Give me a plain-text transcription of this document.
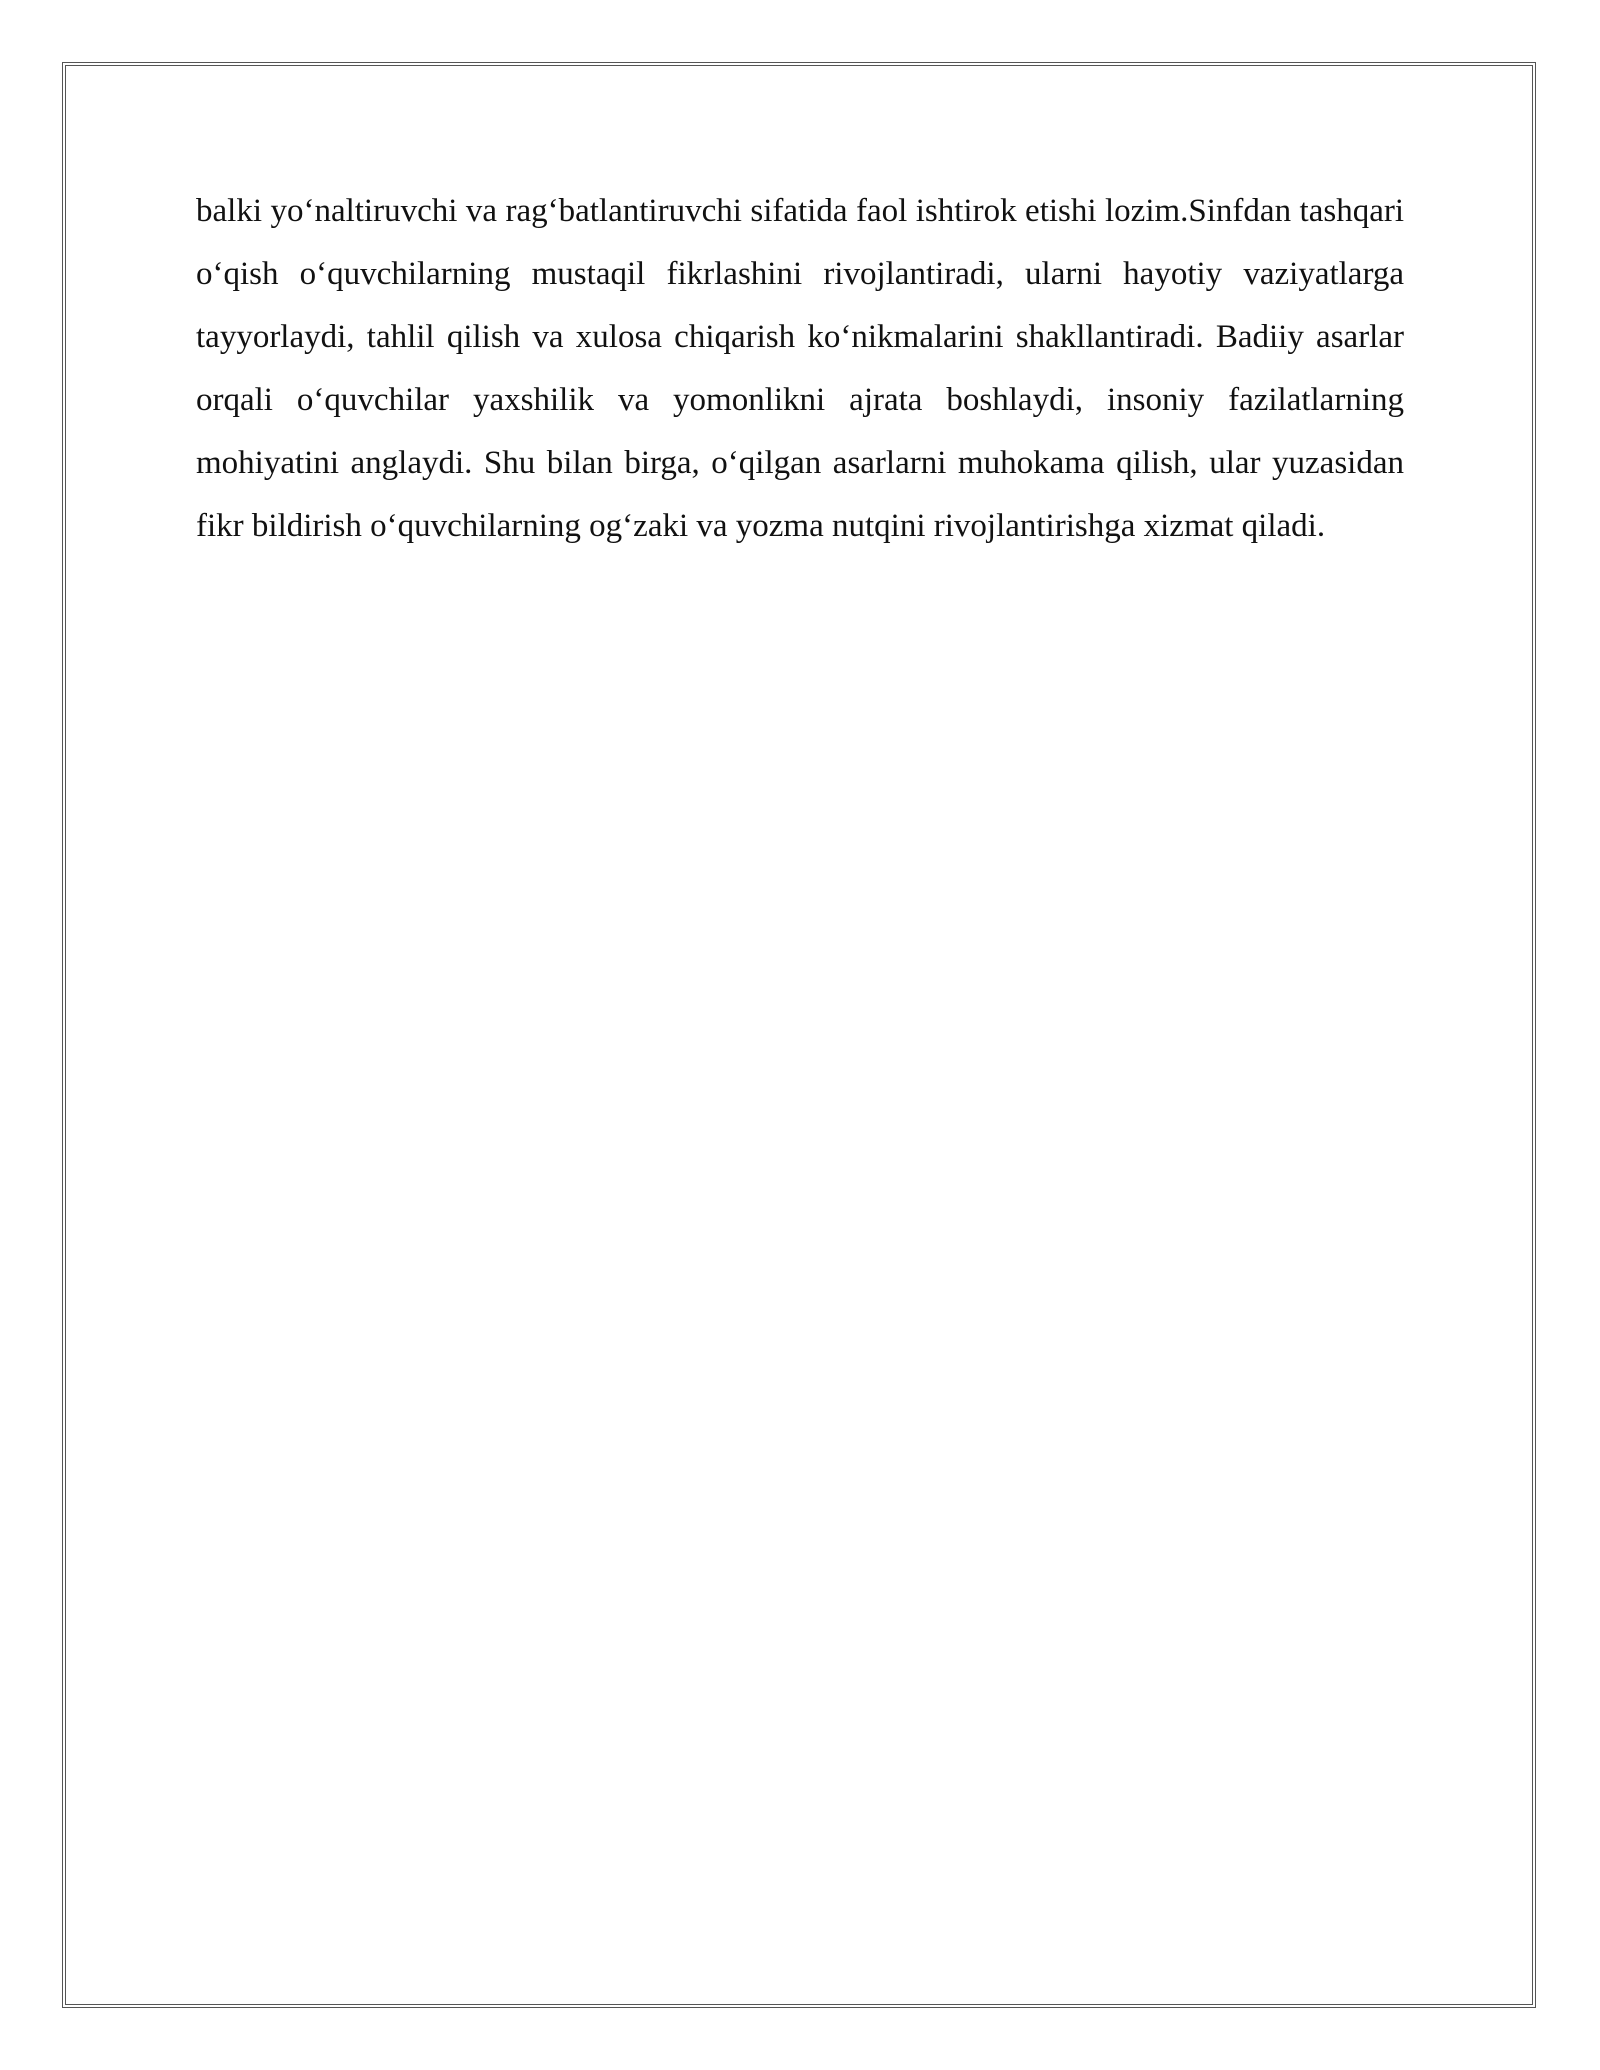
balki yo‘naltiruvchi va rag‘batlantiruvchi sifatida faol ishtirok etishi lozim.Sinfdan tashqari o‘qish o‘quvchilarning mustaqil fikrlashini rivojlantiradi, ularni hayotiy vaziyatlarga tayyorlaydi, tahlil qilish va xulosa chiqarish ko‘nikmalarini shakllantiradi. Badiiy asarlar orqali o‘quvchilar yaxshilik va yomonlikni ajrata boshlaydi, insoniy fazilatlarning mohiyatini anglaydi. Shu bilan birga, o‘qilgan asarlarni muhokama qilish, ular yuzasidan fikr bildirish o‘quvchilarning og‘zaki va yozma nutqini rivojlantirishga xizmat qiladi.
